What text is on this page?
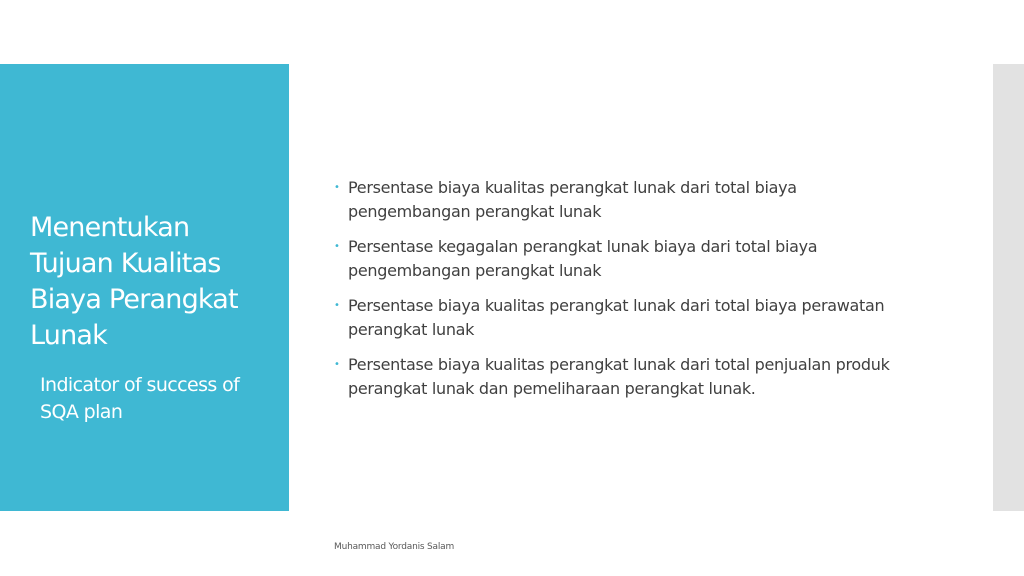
Menentukan Tujuan Kualitas Biaya Perangkat Lunak

Indicator of success of SQA plan

• Persentase biaya kualitas perangkat lunak dari total biaya pengembangan perangkat lunak
• Persentase kegagalan perangkat lunak biaya dari total biaya pengembangan perangkat lunak
• Persentase biaya kualitas perangkat lunak dari total biaya perawatan perangkat lunak
• Persentase biaya kualitas perangkat lunak dari total penjualan produk perangkat lunak dan pemeliharaan perangkat lunak.
Muhammad Yordanis Salam
